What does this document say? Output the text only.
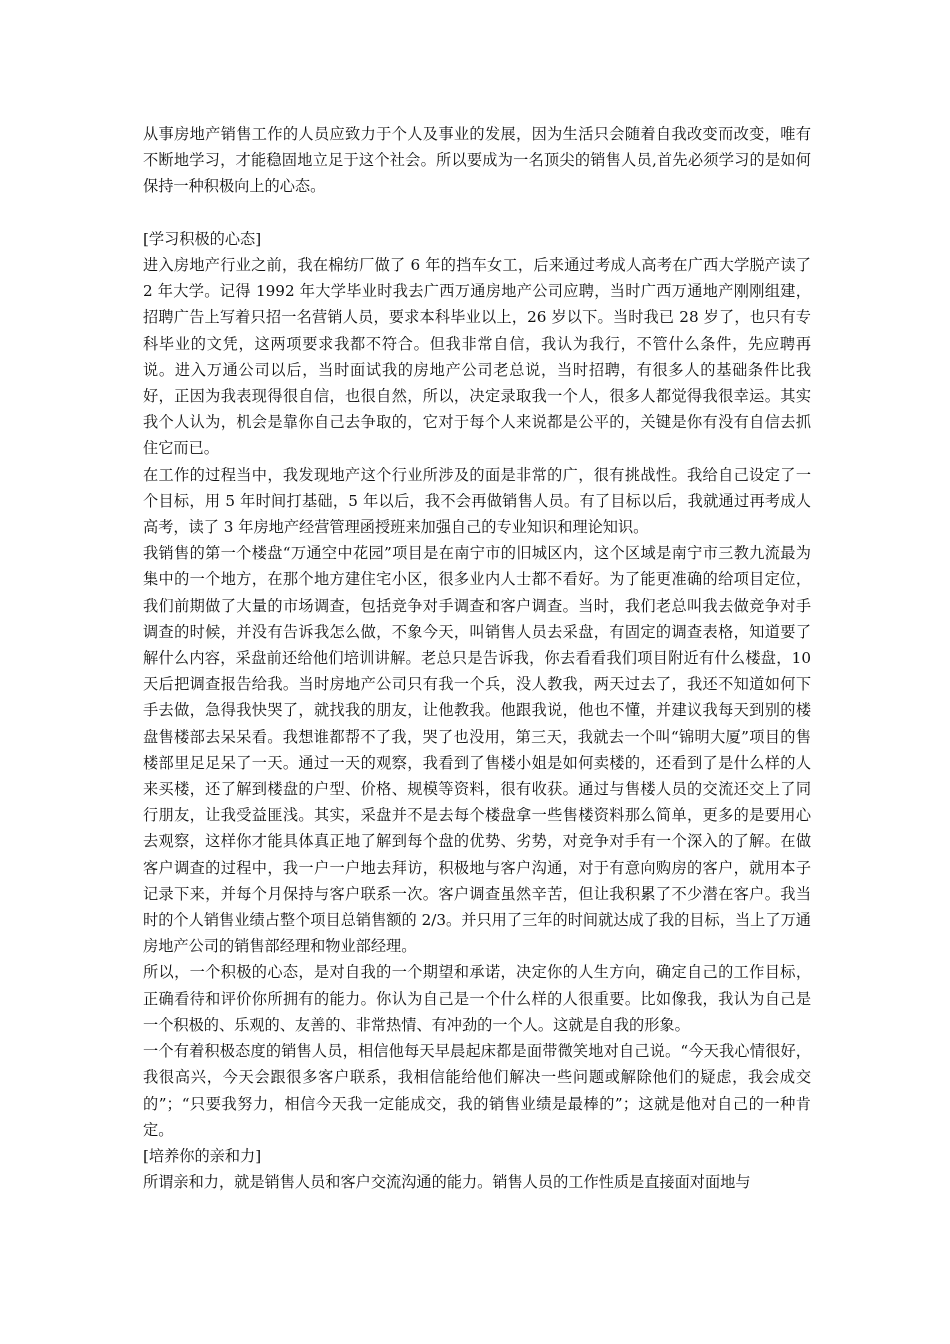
从事房地产销售工作的人员应致力于个人及事业的发展，因为生活只会随着自我改变而改变，唯有不断地学习，才能稳固地立足于这个社会。所以要成为一名顶尖的销售人员,首先必须学习的是如何保持一种积极向上的心态。

[学习积极的心态]

进入房地产行业之前，我在棉纺厂做了 6 年的挡车女工，后来通过考成人高考在广西大学脱产读了 2 年大学。记得 1992 年大学毕业时我去广西万通房地产公司应聘，当时广西万通地产刚刚组建，招聘广告上写着只招一名营销人员，要求本科毕业以上，26 岁以下。当时我已 28 岁了，也只有专科毕业的文凭，这两项要求我都不符合。但我非常自信，我认为我行，不管什么条件，先应聘再说。进入万通公司以后，当时面试我的房地产公司老总说，当时招聘，有很多人的基础条件比我好，正因为我表现得很自信，也很自然，所以，决定录取我一个人，很多人都觉得我很幸运。其实我个人认为，机会是靠你自己去争取的，它对于每个人来说都是公平的，关键是你有没有自信去抓住它而已。

在工作的过程当中，我发现地产这个行业所涉及的面是非常的广，很有挑战性。我给自己设定了一个目标，用 5 年时间打基础，5 年以后，我不会再做销售人员。有了目标以后，我就通过再考成人高考，读了 3 年房地产经营管理函授班来加强自己的专业知识和理论知识。

我销售的第一个楼盘“万通空中花园”项目是在南宁市的旧城区内，这个区域是南宁市三教九流最为集中的一个地方，在那个地方建住宅小区，很多业内人士都不看好。为了能更准确的给项目定位，我们前期做了大量的市场调查，包括竞争对手调查和客户调查。当时，我们老总叫我去做竞争对手调查的时候，并没有告诉我怎么做，不象今天，叫销售人员去采盘，有固定的调查表格，知道要了解什么内容，采盘前还给他们培训讲解。老总只是告诉我，你去看看我们项目附近有什么楼盘，10 天后把调查报告给我。当时房地产公司只有我一个兵，没人教我，两天过去了，我还不知道如何下手去做，急得我快哭了，就找我的朋友，让他教我。他跟我说，他也不懂，并建议我每天到别的楼盘售楼部去呆呆看。我想谁都帮不了我，哭了也没用，第三天，我就去一个叫“锦明大厦”项目的售楼部里足足呆了一天。通过一天的观察，我看到了售楼小姐是如何卖楼的，还看到了是什么样的人来买楼，还了解到楼盘的户型、价格、规模等资料，很有收获。通过与售楼人员的交流还交上了同行朋友，让我受益匪浅。其实，采盘并不是去每个楼盘拿一些售楼资料那么简单，更多的是要用心去观察，这样你才能具体真正地了解到每个盘的优势、劣势，对竞争对手有一个深入的了解。在做客户调查的过程中，我一户一户地去拜访，积极地与客户沟通，对于有意向购房的客户，就用本子记录下来，并每个月保持与客户联系一次。客户调查虽然辛苦，但让我积累了不少潜在客户。我当时的个人销售业绩占整个项目总销售额的 2/3。并只用了三年的时间就达成了我的目标，当上了万通房地产公司的销售部经理和物业部经理。

所以，一个积极的心态，是对自我的一个期望和承诺，决定你的人生方向，确定自己的工作目标，正确看待和评价你所拥有的能力。你认为自己是一个什么样的人很重要。比如像我，我认为自己是一个积极的、乐观的、友善的、非常热情、有冲劲的一个人。这就是自我的形象。

一个有着积极态度的销售人员，相信他每天早晨起床都是面带微笑地对自己说。“今天我心情很好，我很高兴，今天会跟很多客户联系，我相信能给他们解决一些问题或解除他们的疑虑，我会成交的”；“只要我努力，相信今天我一定能成交，我的销售业绩是最棒的”；这就是他对自己的一种肯定。

[培养你的亲和力]

所谓亲和力，就是销售人员和客户交流沟通的能力。销售人员的工作性质是直接面对面地与
